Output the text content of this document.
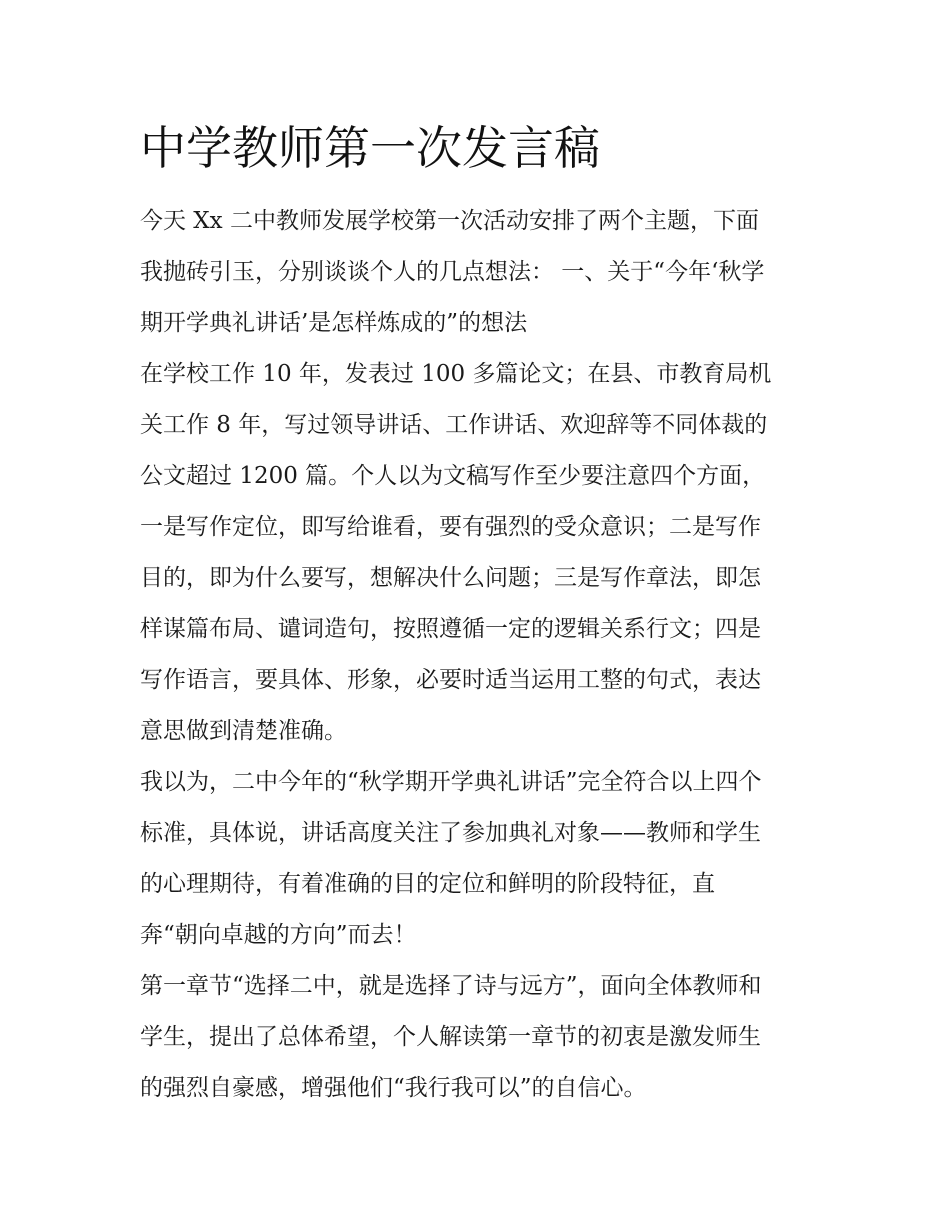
中学教师第一次发言稿

今天 Xx 二中教师发展学校第一次活动安排了两个主题，下面

我抛砖引玉，分别谈谈个人的几点想法： 一、关于“今年‘秋学

期开学典礼讲话’是怎样炼成的”的想法

在学校工作 10 年，发表过 100 多篇论文；在县、市教育局机

关工作 8 年，写过领导讲话、工作讲话、欢迎辞等不同体裁的

公文超过 1200 篇。个人以为文稿写作至少要注意四个方面，

一是写作定位，即写给谁看，要有强烈的受众意识；二是写作

目的，即为什么要写，想解决什么问题；三是写作章法，即怎

样谋篇布局、谴词造句，按照遵循一定的逻辑关系行文；四是

写作语言，要具体、形象，必要时适当运用工整的句式，表达

意思做到清楚准确。

我以为，二中今年的“秋学期开学典礼讲话”完全符合以上四个

标准，具体说，讲话高度关注了参加典礼对象——教师和学生

的心理期待，有着准确的目的定位和鲜明的阶段特征，直

奔“朝向卓越的方向”而去！

第一章节“选择二中，就是选择了诗与远方”，面向全体教师和

学生，提出了总体希望，个人解读第一章节的初衷是激发师生

的强烈自豪感，增强他们“我行我可以”的自信心。
